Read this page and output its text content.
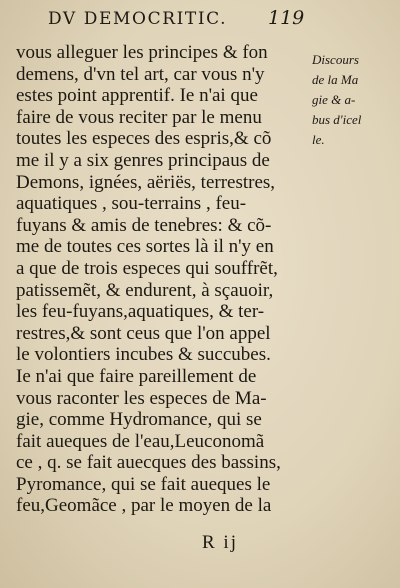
DV DEMOCRITIC. 119
vous alleguer les principes & fon
demens, d'vn tel art, car vous n'y
estes point apprentif. Ie n'ai que
faire de vous reciter par le menu
toutes les especes des espris,& cõ
me il y a six genres principaus de
Demons, ignées, aëriës, terrestres,
aquatiques , sou-terrains , feu-
fuyans & amis de tenebres: & cõ-
me de toutes ces sortes là il n'y en
a que de trois especes qui souffrẽt,
patissemẽt, & endurent, à sçauoir,
les feu-fuyans,aquatiques, & ter-
restres,& sont ceus que l'on appel
le volontiers incubes & succubes.
Ie n'ai que faire pareillement de
vous raconter les especes de Ma-
gie, comme Hydromance, qui se
fait aueques de l'eau,Leuconomã
ce , q. se fait auecques des bassins,
Pyromance, qui se fait aueques le
feu,Geomãce , par le moyen de la
Discours
de la Ma
gie & a-
bus d'icel
le.
R ij
